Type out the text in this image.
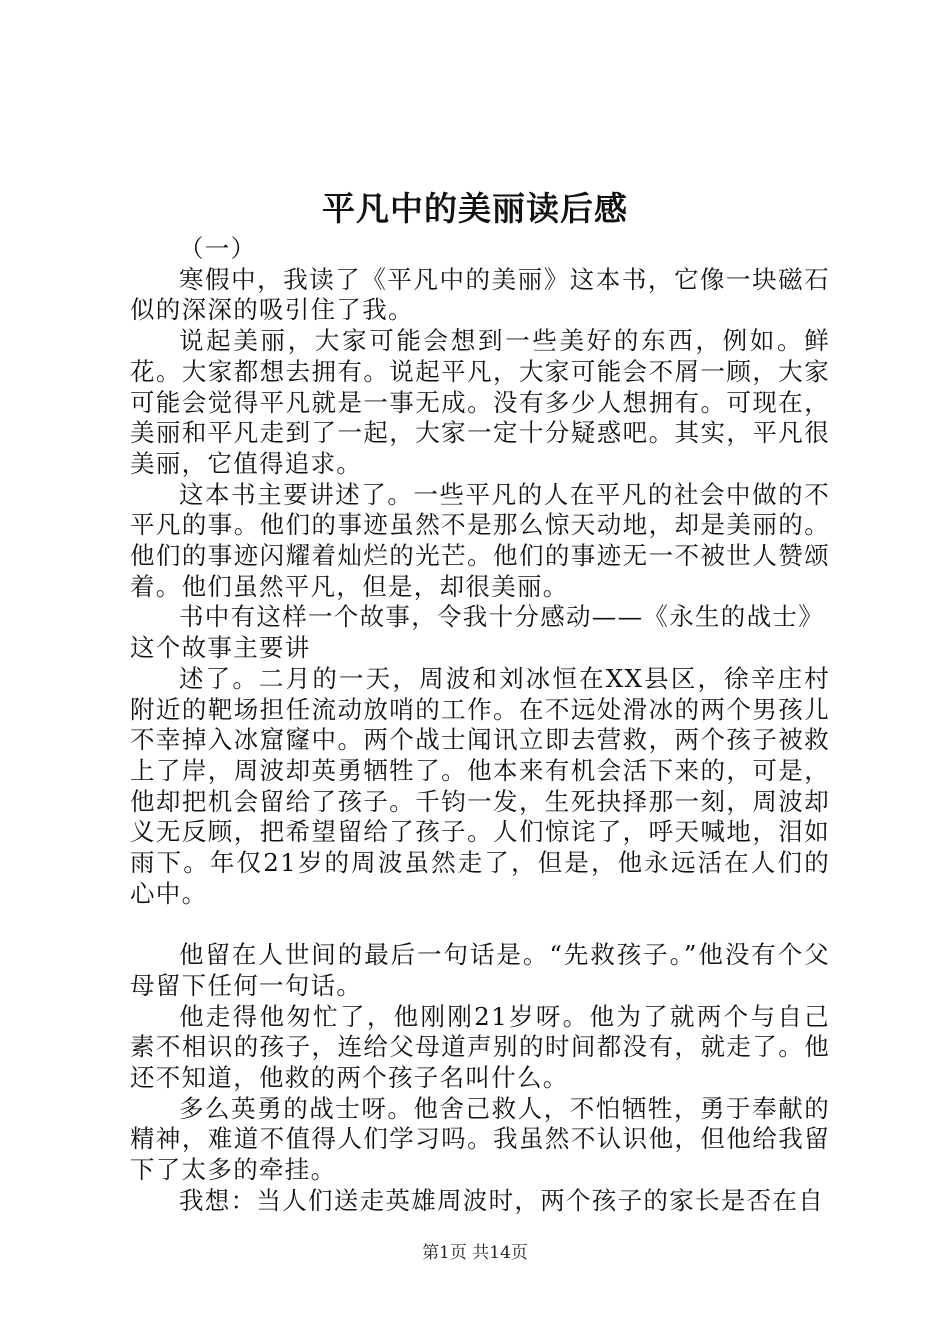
平凡中的美丽读后感

（一）

寒假中，我读了《平凡中的美丽》这本书，它像一块磁石似的深深的吸引住了我。

说起美丽，大家可能会想到一些美好的东西，例如。鲜花。大家都想去拥有。说起平凡，大家可能会不屑一顾，大家可能会觉得平凡就是一事无成。没有多少人想拥有。可现在，美丽和平凡走到了一起，大家一定十分疑惑吧。其实，平凡很美丽，它值得追求。

这本书主要讲述了。一些平凡的人在平凡的社会中做的不平凡的事。他们的事迹虽然不是那么惊天动地，却是美丽的。他们的事迹闪耀着灿烂的光芒。他们的事迹无一不被世人赞颂着。他们虽然平凡，但是，却很美丽。

书中有这样一个故事，令我十分感动——《永生的战士》这个故事主要讲

述了。二月的一天，周波和刘冰恒在XX县区，徐辛庄村附近的靶场担任流动放哨的工作。在不远处滑冰的两个男孩儿不幸掉入冰窟窿中。两个战士闻讯立即去营救，两个孩子被救上了岸，周波却英勇牺牲了。他本来有机会活下来的，可是，他却把机会留给了孩子。千钧一发，生死抉择那一刻，周波却义无反顾，把希望留给了孩子。人们惊诧了，呼天喊地，泪如雨下。年仅21岁的周波虽然走了，但是，他永远活在人们的心中。

他留在人世间的最后一句话是。“先救孩子。”他没有个父母留下任何一句话。

他走得他匆忙了，他刚刚21岁呀。他为了就两个与自己素不相识的孩子，连给父母道声别的时间都没有，就走了。他还不知道，他救的两个孩子名叫什么。

多么英勇的战士呀。他舍己救人，不怕牺牲，勇于奉献的精神，难道不值得人们学习吗。我虽然不认识他，但他给我留下了太多的牵挂。

我想：当人们送走英雄周波时，两个孩子的家长是否在自

第1页 共14页
